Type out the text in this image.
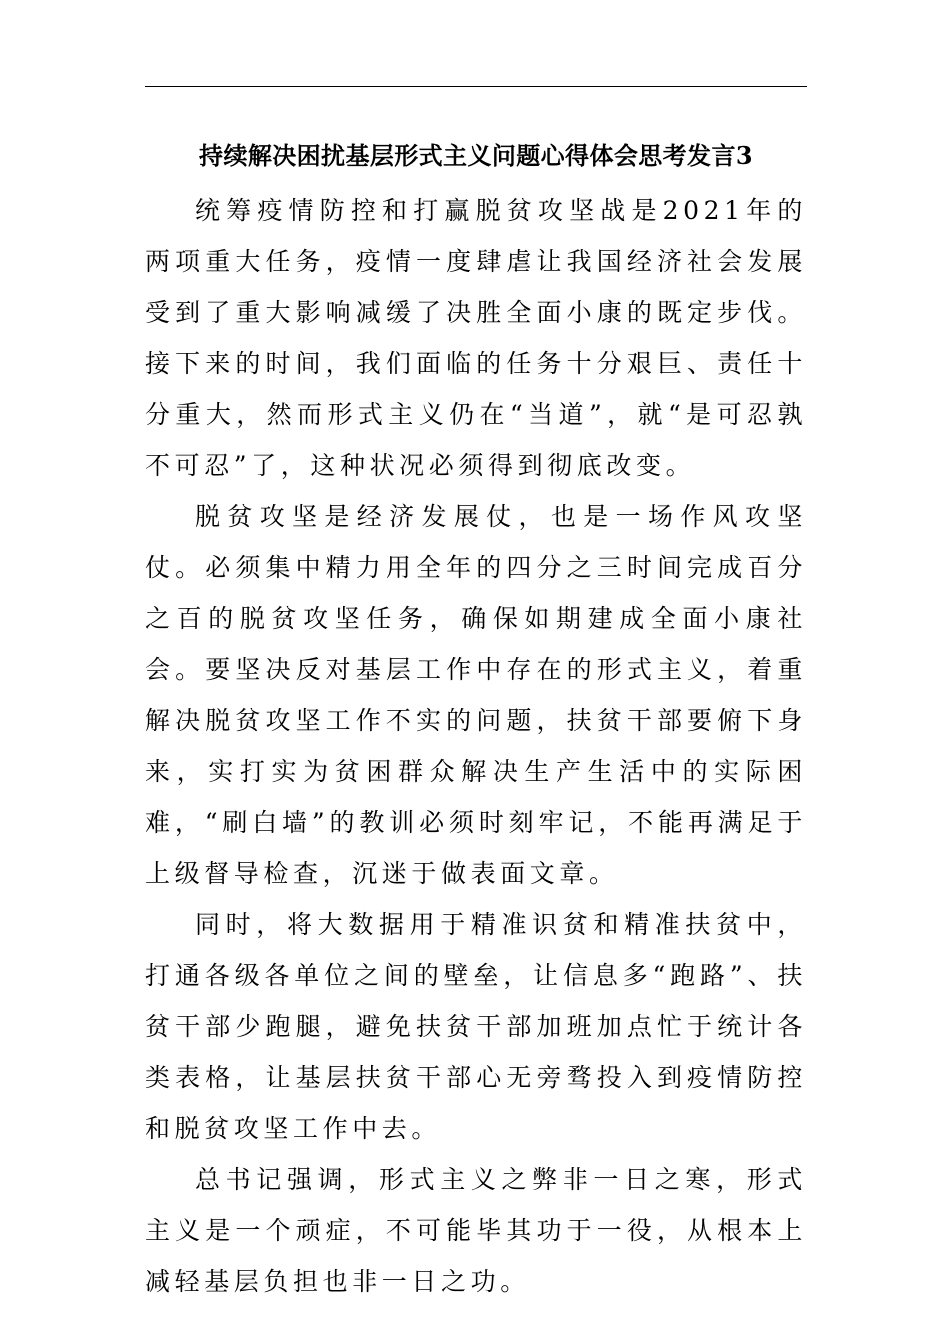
持续解决困扰基层形式主义问题心得体会思考发言3

统筹疫情防控和打赢脱贫攻坚战是2021年的两项重大任务，疫情一度肆虐让我国经济社会发展受到了重大影响减缓了决胜全面小康的既定步伐。接下来的时间，我们面临的任务十分艰巨、责任十分重大，然而形式主义仍在“当道”，就“是可忍孰不可忍”了，这种状况必须得到彻底改变。

脱贫攻坚是经济发展仗，也是一场作风攻坚仗。必须集中精力用全年的四分之三时间完成百分之百的脱贫攻坚任务，确保如期建成全面小康社会。要坚决反对基层工作中存在的形式主义，着重解决脱贫攻坚工作不实的问题，扶贫干部要俯下身来，实打实为贫困群众解决生产生活中的实际困难，“刷白墙”的教训必须时刻牢记，不能再满足于上级督导检查，沉迷于做表面文章。

同时，将大数据用于精准识贫和精准扶贫中，打通各级各单位之间的壁垒，让信息多“跑路”、扶贫干部少跑腿，避免扶贫干部加班加点忙于统计各类表格，让基层扶贫干部心无旁骛投入到疫情防控和脱贫攻坚工作中去。

总书记强调，形式主义之弊非一日之寒，形式主义是一个顽症，不可能毕其功于一役，从根本上减轻基层负担也非一日之功。
